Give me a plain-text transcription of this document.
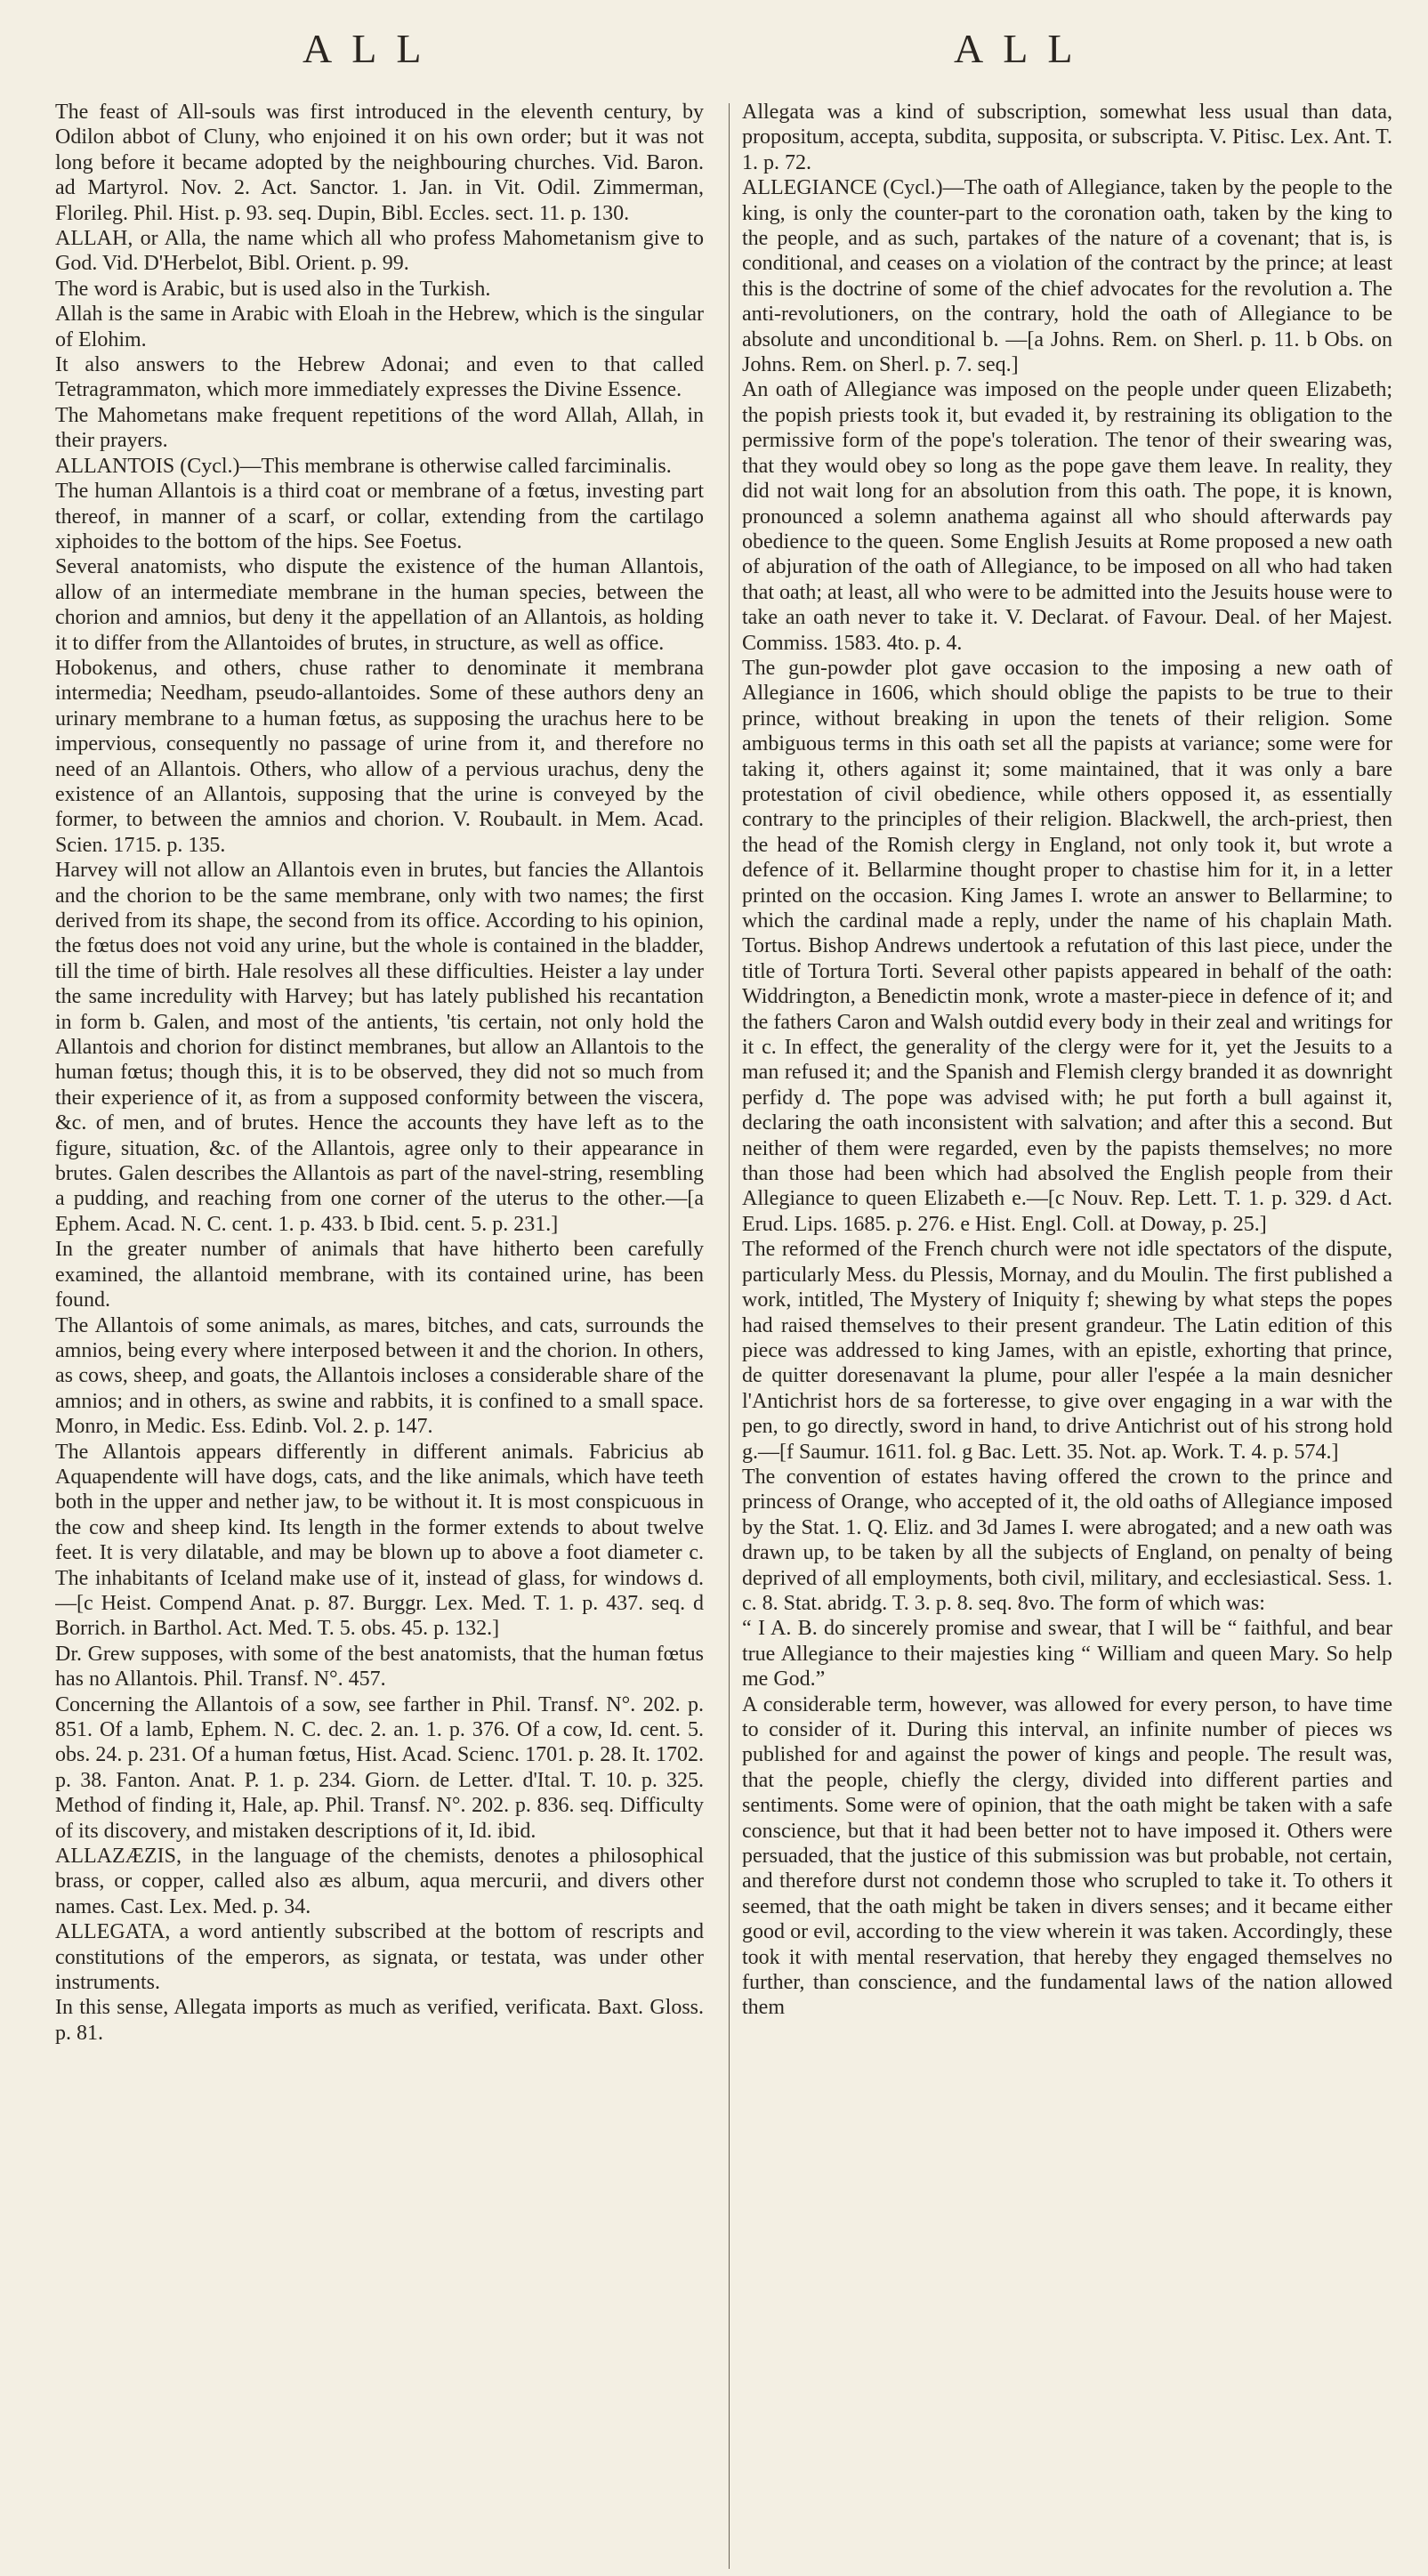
ALL	ALL

The feast of All-souls was first introduced in the eleventh century, by Odilon abbot of Cluny, who enjoined it on his own order; but it was not long before it became adopted by the neighbouring churches. Vid. Baron. ad Martyrol. Nov. 2. Act. Sanctor. 1. Jan. in Vit. Odil. Zimmerman, Florileg. Phil. Hist. p. 93. seq. Dupin, Bibl. Eccles. sect. 11. p. 130.

ALLAH, or Alla, the name which all who profess Mahometanism give to God. Vid. D'Herbelot, Bibl. Orient. p. 99.

The word is Arabic, but is used also in the Turkish.

Allah is the same in Arabic with Eloah in the Hebrew, which is the singular of Elohim.

It also answers to the Hebrew Adonai; and even to that called Tetragrammaton, which more immediately expresses the Divine Essence.

The Mahometans make frequent repetitions of the word Allah, Allah, in their prayers.

ALLANTOIS (Cycl.)—This membrane is otherwise called farciminalis.

The human Allantois is a third coat or membrane of a fœtus, investing part thereof, in manner of a scarf, or collar, extending from the cartilago xiphoides to the bottom of the hips. See Foetus.

Several anatomists, who dispute the existence of the human Allantois, allow of an intermediate membrane in the human species, between the chorion and amnios, but deny it the appellation of an Allantois, as holding it to differ from the Allantoides of brutes, in structure, as well as office.

Hobokenus, and others, chuse rather to denominate it membrana intermedia; Needham, pseudo-allantoides. Some of these authors deny an urinary membrane to a human fœtus, as supposing the urachus here to be impervious, consequently no passage of urine from it, and therefore no need of an Allantois. Others, who allow of a pervious urachus, deny the existence of an Allantois, supposing that the urine is conveyed by the former, to between the amnios and chorion. V. Roubault. in Mem. Acad. Scien. 1715. p. 135.

Harvey will not allow an Allantois even in brutes, but fancies the Allantois and the chorion to be the same membrane, only with two names; the first derived from its shape, the second from its office. According to his opinion, the fœtus does not void any urine, but the whole is contained in the bladder, till the time of birth. Hale resolves all these difficulties. Heister a lay under the same incredulity with Harvey; but has lately published his recantation in form b. Galen, and most of the antients, 'tis certain, not only hold the Allantois and chorion for distinct membranes, but allow an Allantois to the human fœtus; though this, it is to be observed, they did not so much from their experience of it, as from a supposed conformity between the viscera, &c. of men, and of brutes. Hence the accounts they have left as to the figure, situation, &c. of the Allantois, agree only to their appearance in brutes. Galen describes the Allantois as part of the navel-string, resembling a pudding, and reaching from one corner of the uterus to the other.—[a Ephem. Acad. N. C. cent. 1. p. 433. b Ibid. cent. 5. p. 231.]

In the greater number of animals that have hitherto been carefully examined, the allantoid membrane, with its contained urine, has been found.

The Allantois of some animals, as mares, bitches, and cats, surrounds the amnios, being every where interposed between it and the chorion. In others, as cows, sheep, and goats, the Allantois incloses a considerable share of the amnios; and in others, as swine and rabbits, it is confined to a small space. Monro, in Medic. Ess. Edinb. Vol. 2. p. 147.

The Allantois appears differently in different animals. Fabricius ab Aquapendente will have dogs, cats, and the like animals, which have teeth both in the upper and nether jaw, to be without it. It is most conspicuous in the cow and sheep kind. Its length in the former extends to about twelve feet. It is very dilatable, and may be blown up to above a foot diameter c. The inhabitants of Iceland make use of it, instead of glass, for windows d.—[c Heist. Compend Anat. p. 87. Burggr. Lex. Med. T. 1. p. 437. seq. d Borrich. in Barthol. Act. Med. T. 5. obs. 45. p. 132.]

Dr. Grew supposes, with some of the best anatomists, that the human fœtus has no Allantois. Phil. Transf. N°. 457.

Concerning the Allantois of a sow, see farther in Phil. Transf. N°. 202. p. 851. Of a lamb, Ephem. N. C. dec. 2. an. 1. p. 376. Of a cow, Id. cent. 5. obs. 24. p. 231. Of a human fœtus, Hist. Acad. Scienc. 1701. p. 28. It. 1702. p. 38. Fanton. Anat. P. 1. p. 234. Giorn. de Letter. d'Ital. T. 10. p. 325. Method of finding it, Hale, ap. Phil. Transf. N°. 202. p. 836. seq. Difficulty of its discovery, and mistaken descriptions of it, Id. ibid.

ALLAZÆZIS, in the language of the chemists, denotes a philosophical brass, or copper, called also æs album, aqua mercurii, and divers other names. Cast. Lex. Med. p. 34.

ALLEGATA, a word antiently subscribed at the bottom of rescripts and constitutions of the emperors, as signata, or testata, was under other instruments.

In this sense, Allegata imports as much as verified, verificata. Baxt. Gloss. p. 81.

Allegata was a kind of subscription, somewhat less usual than data, propositum, accepta, subdita, supposita, or subscripta. V. Pitisc. Lex. Ant. T. 1. p. 72.

ALLEGIANCE (Cycl.)—The oath of Allegiance, taken by the people to the king, is only the counter-part to the coronation oath, taken by the king to the people, and as such, partakes of the nature of a covenant; that is, is conditional, and ceases on a violation of the contract by the prince; at least this is the doctrine of some of the chief advocates for the revolution a. The anti-revolutioners, on the contrary, hold the oath of Allegiance to be absolute and unconditional b. —[a Johns. Rem. on Sherl. p. 11. b Obs. on Johns. Rem. on Sherl. p. 7. seq.]

An oath of Allegiance was imposed on the people under queen Elizabeth; the popish priests took it, but evaded it, by restraining its obligation to the permissive form of the pope's toleration. The tenor of their swearing was, that they would obey so long as the pope gave them leave. In reality, they did not wait long for an absolution from this oath. The pope, it is known, pronounced a solemn anathema against all who should afterwards pay obedience to the queen. Some English Jesuits at Rome proposed a new oath of abjuration of the oath of Allegiance, to be imposed on all who had taken that oath; at least, all who were to be admitted into the Jesuits house were to take an oath never to take it. V. Declarat. of Favour. Deal. of her Majest. Commiss. 1583. 4to. p. 4.

The gun-powder plot gave occasion to the imposing a new oath of Allegiance in 1606, which should oblige the papists to be true to their prince, without breaking in upon the tenets of their religion. Some ambiguous terms in this oath set all the papists at variance; some were for taking it, others against it; some maintained, that it was only a bare protestation of civil obedience, while others opposed it, as essentially contrary to the principles of their religion. Blackwell, the arch-priest, then the head of the Romish clergy in England, not only took it, but wrote a defence of it. Bellarmine thought proper to chastise him for it, in a letter printed on the occasion. King James I. wrote an answer to Bellarmine; to which the cardinal made a reply, under the name of his chaplain Math. Tortus. Bishop Andrews undertook a refutation of this last piece, under the title of Tortura Torti. Several other papists appeared in behalf of the oath: Widdrington, a Benedictin monk, wrote a master-piece in defence of it; and the fathers Caron and Walsh outdid every body in their zeal and writings for it c. In effect, the generality of the clergy were for it, yet the Jesuits to a man refused it; and the Spanish and Flemish clergy branded it as downright perfidy d. The pope was advised with; he put forth a bull against it, declaring the oath inconsistent with salvation; and after this a second. But neither of them were regarded, even by the papists themselves; no more than those had been which had absolved the English people from their Allegiance to queen Elizabeth e.—[c Nouv. Rep. Lett. T. 1. p. 329. d Act. Erud. Lips. 1685. p. 276. e Hist. Engl. Coll. at Doway, p. 25.]

The reformed of the French church were not idle spectators of the dispute, particularly Mess. du Plessis, Mornay, and du Moulin. The first published a work, intitled, The Mystery of Iniquity f; shewing by what steps the popes had raised themselves to their present grandeur. The Latin edition of this piece was addressed to king James, with an epistle, exhorting that prince, de quitter doresenavant la plume, pour aller l'espée a la main desnicher l'Antichrist hors de sa forteresse, to give over engaging in a war with the pen, to go directly, sword in hand, to drive Antichrist out of his strong hold g.—[f Saumur. 1611. fol. g Bac. Lett. 35. Not. ap. Work. T. 4. p. 574.]

The convention of estates having offered the crown to the prince and princess of Orange, who accepted of it, the old oaths of Allegiance imposed by the Stat. 1. Q. Eliz. and 3d James I. were abrogated; and a new oath was drawn up, to be taken by all the subjects of England, on penalty of being deprived of all employments, both civil, military, and ecclesiastical. Sess. 1. c. 8. Stat. abridg. T. 3. p. 8. seq. 8vo. The form of which was:

“ I A. B. do sincerely promise and swear, that I will be “ faithful, and bear true Allegiance to their majesties king “ William and queen Mary. So help me God.”

A considerable term, however, was allowed for every person, to have time to consider of it. During this interval, an infinite number of pieces ws published for and against the power of kings and people. The result was, that the people, chiefly the clergy, divided into different parties and sentiments. Some were of opinion, that the oath might be taken with a safe conscience, but that it had been better not to have imposed it. Others were persuaded, that the justice of this submission was but probable, not certain, and therefore durst not condemn those who scrupled to take it. To others it seemed, that the oath might be taken in divers senses; and it became either good or evil, according to the view wherein it was taken. Accordingly, these took it with mental reservation, that hereby they engaged themselves no further, than conscience, and the fundamental laws of the nation allowed them
